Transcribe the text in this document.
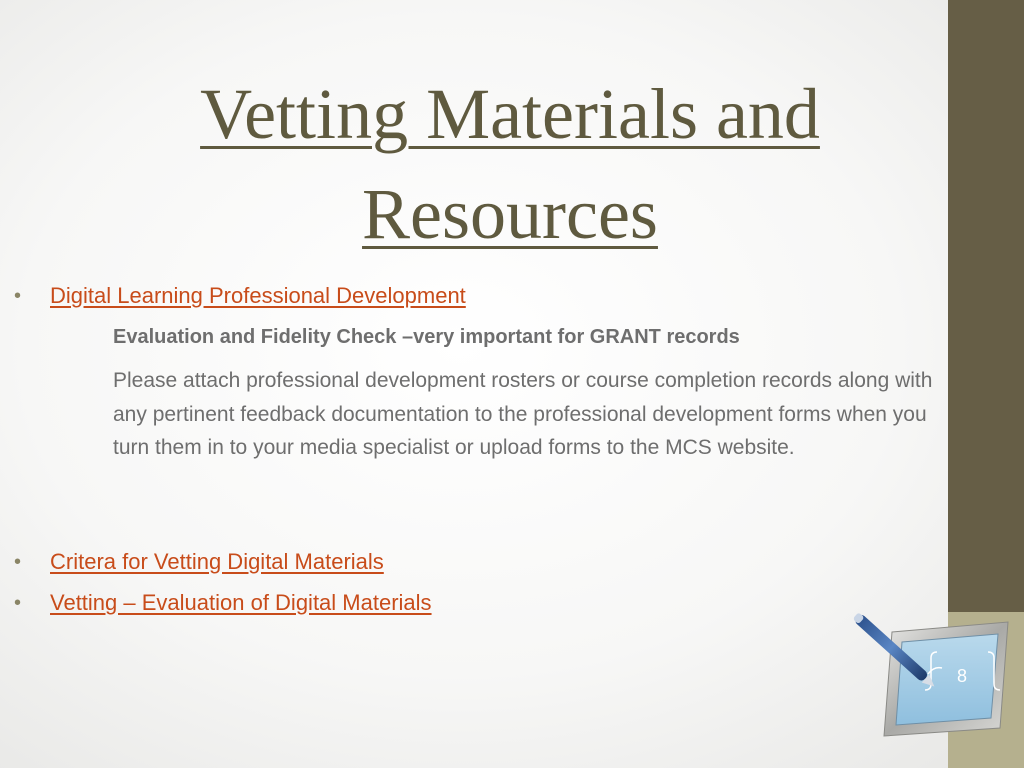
Vetting Materials and Resources
• Digital Learning Professional Development
Evaluation and Fidelity Check –very important for GRANT records

Please attach professional development rosters or course completion records along with any pertinent feedback documentation to the professional development forms when you turn them in to your media specialist or upload forms to the MCS website.

• Critera for Vetting Digital Materials
• Vetting – Evaluation of Digital Materials
8
